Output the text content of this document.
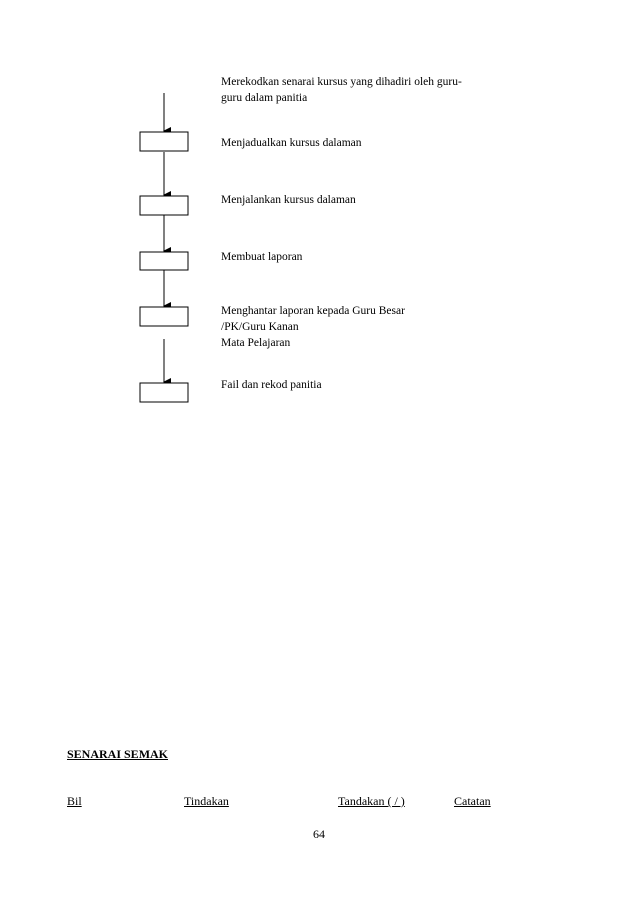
Merekodkan senarai kursus yang dihadiri oleh guru-
guru dalam panitia
Menjadualkan kursus dalaman
Menjalankan kursus dalaman
Membuat laporan
Menghantar laporan kepada Guru Besar
/PK/Guru Kanan
Mata Pelajaran
Fail dan rekod panitia
SENARAI SEMAK
Bil	Tindakan	Tandakan ( / )	Catatan
64
